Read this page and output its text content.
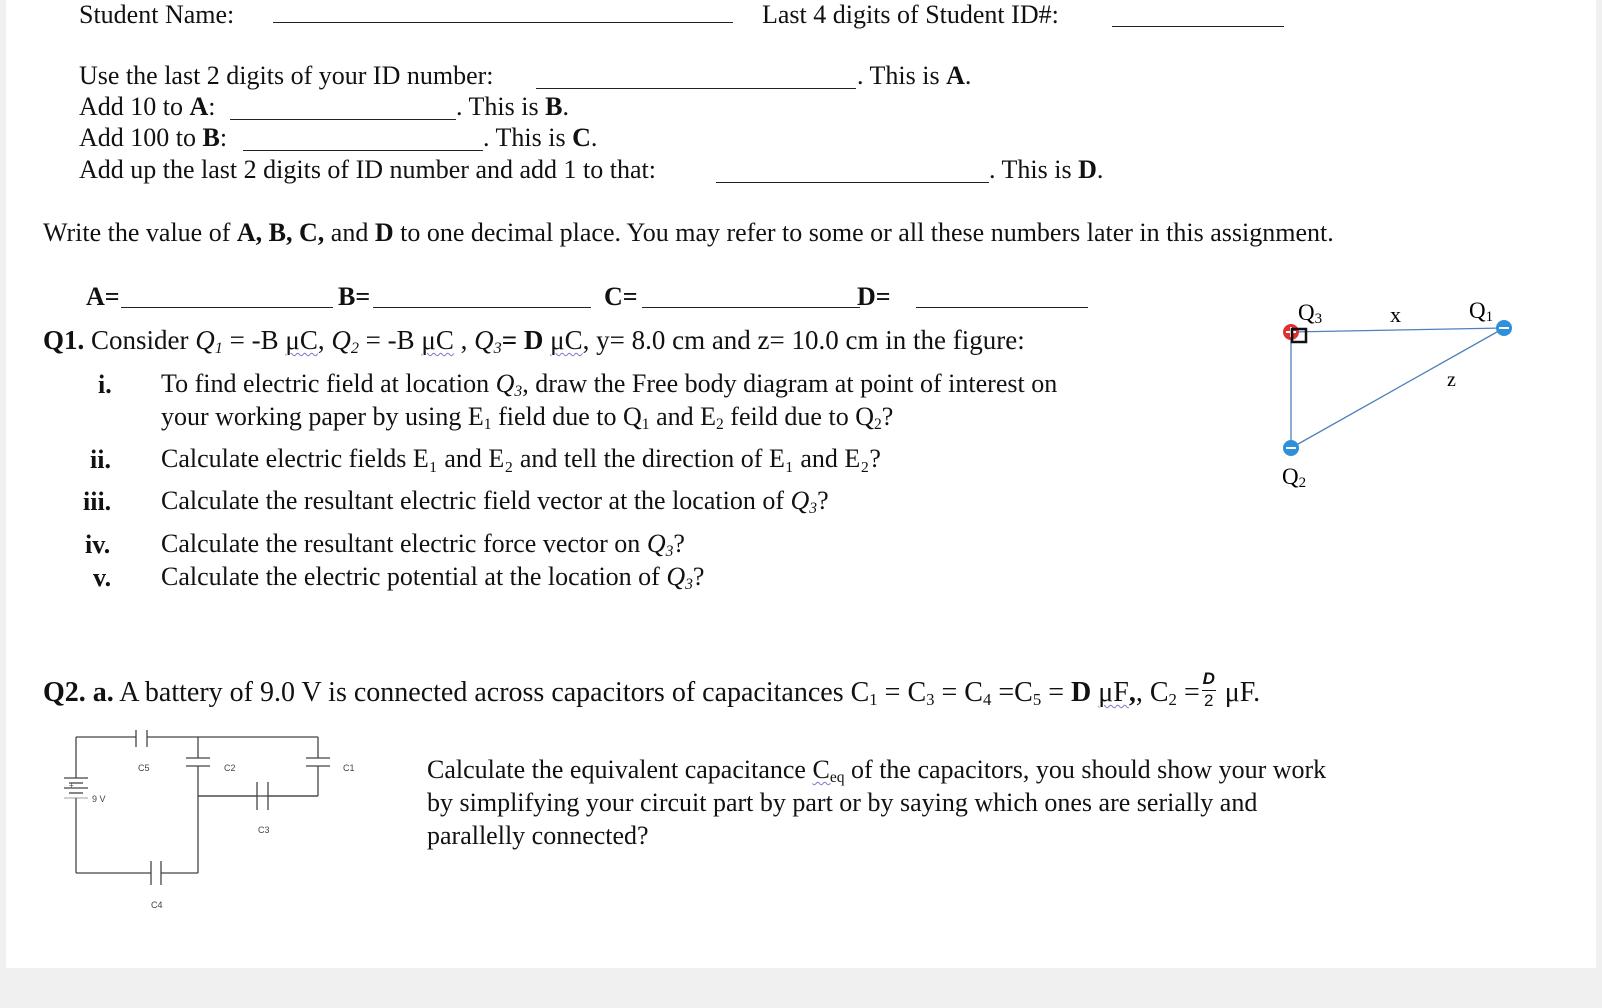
Student Name:	Last 4 digits of Student ID#:
Use the last 2 digits of your ID number:	. This is A.
Add 10 to A:	. This is B.
Add 100 to B:	. This is C.
Add up the last 2 digits of ID number and add 1 to that:	. This is D.
Write the value of A, B, C, and D to one decimal place. You may refer to some or all these numbers later in this assignment.
A=	B=	C=	D=
Q1. Consider $Q_1 = -B$ μC, $Q_2 = -B$ μC , $Q_3= D$ μC, y= 8.0 cm and z= 10.0 cm in the figure:
i. To find electric field at location $Q_3$, draw the Free body diagram at point of interest on
your working paper by using $E_1$ field due to $Q_1$ and $E_2$ feild due to $Q_2$?
ii. Calculate electric fields E₁ and E₂ and tell the direction of E₁ and E₂?
iii. Calculate the resultant electric field vector at the location of $Q_3$?
iv. Calculate the resultant electric force vector on $Q_3$?
v. Calculate the electric potential at the location of $Q_3$?
Q3	x	Q1
z
Q2
Q2. a. A battery of 9.0 V is connected across capacitors of capacitances $C_1 = C_3 = C_4 =C_5 = D$ μF,, $C_2 = \frac{D}{2} \mu F$.
Calculate the equivalent capacitance $C_{eq}$ of the capacitors, you should show your work
by simplifying your circuit part by part or by saying which ones are serially and
parallelly connected?
C5	C2	C1
C3
C4
9 V
+
